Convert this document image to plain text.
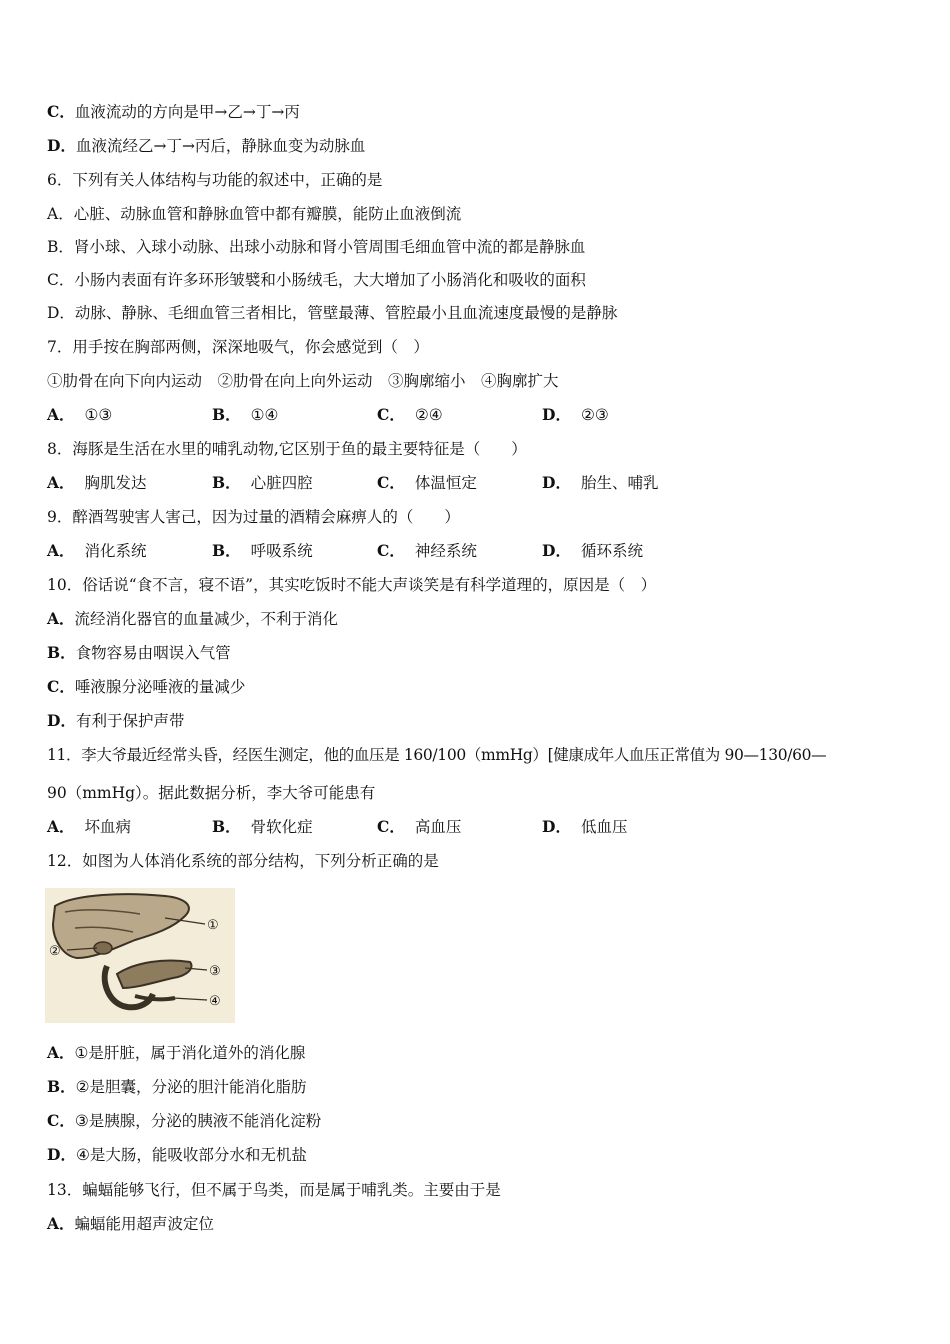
C．血液流动的方向是甲→乙→丁→丙
D．血液流经乙→丁→丙后，静脉血变为动脉血
6．下列有关人体结构与功能的叙述中，正确的是
A．心脏、动脉血管和静脉血管中都有瓣膜，能防止血液倒流
B．肾小球、入球小动脉、出球小动脉和肾小管周围毛细血管中流的都是静脉血
C．小肠内表面有许多环形皱襞和小肠绒毛，大大增加了小肠消化和吸收的面积
D．动脉、静脉、毛细血管三者相比，管壁最薄、管腔最小且血流速度最慢的是静脉
7．用手按在胸部两侧，深深地吸气，你会感觉到（　）
①肋骨在向下向内运动　②肋骨在向上向外运动　③胸廓缩小　④胸廓扩大
A． ①③	B． ①④	C． ②④	D． ②③
8．海豚是生活在水里的哺乳动物,它区别于鱼的最主要特征是（　　）
A． 胸肌发达	B． 心脏四腔	C． 体温恒定	D． 胎生、哺乳
9．醉酒驾驶害人害己，因为过量的酒精会麻痹人的（　　）
A． 消化系统	B． 呼吸系统	C． 神经系统	D． 循环系统
10．俗话说“食不言，寝不语”，其实吃饭时不能大声谈笑是有科学道理的，原因是（　）
A．流经消化器官的血量减少，不利于消化
B．食物容易由咽误入气管
C．唾液腺分泌唾液的量减少
D．有利于保护声带
11．李大爷最近经常头昏，经医生测定，他的血压是 160/100（mmHg）[健康成年人血压正常值为 90—130/60—
90（mmHg）。据此数据分析，李大爷可能患有
A． 坏血病	B． 骨软化症	C． 高血压	D． 低血压
12．如图为人体消化系统的部分结构，下列分析正确的是
①
②
③
④
A．①是肝脏，属于消化道外的消化腺
B．②是胆囊，分泌的胆汁能消化脂肪
C．③是胰腺，分泌的胰液不能消化淀粉
D．④是大肠，能吸收部分水和无机盐
13．蝙蝠能够飞行，但不属于鸟类，而是属于哺乳类。主要由于是
A．蝙蝠能用超声波定位
